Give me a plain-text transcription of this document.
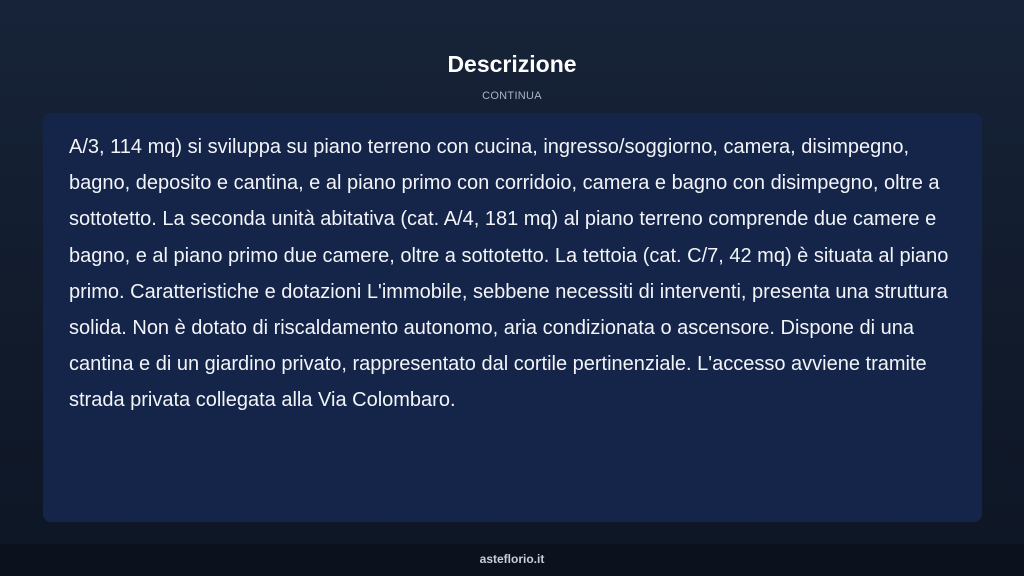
Descrizione
CONTINUA

A/3, 114 mq) si sviluppa su piano terreno con cucina, ingresso/soggiorno, camera, disimpegno, bagno, deposito e cantina, e al piano primo con corridoio, camera e bagno con disimpegno, oltre a sottotetto. La seconda unità abitativa (cat. A/4, 181 mq) al piano terreno comprende due camere e bagno, e al piano primo due camere, oltre a sottotetto. La tettoia (cat. C/7, 42 mq) è situata al piano primo. Caratteristiche e dotazioni L'immobile, sebbene necessiti di interventi, presenta una struttura solida. Non è dotato di riscaldamento autonomo, aria condizionata o ascensore. Dispone di una cantina e di un giardino privato, rappresentato dal cortile pertinenziale. L'accesso avviene tramite strada privata collegata alla Via Colombaro.

asteflorio.it
